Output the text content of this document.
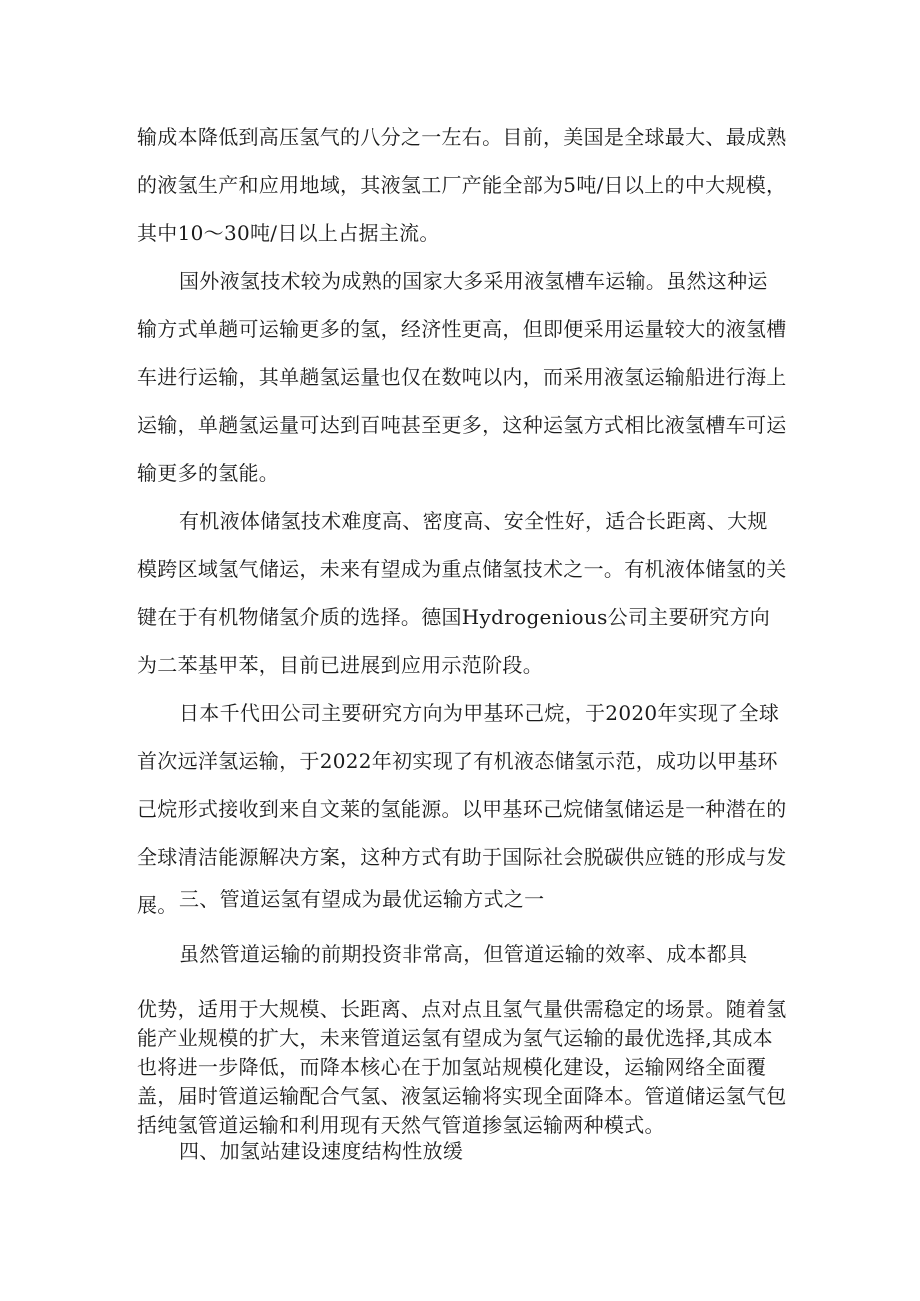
输成本降低到高压氢气的八分之一左右。目前，美国是全球最大、最成熟的液氢生产和应用地域，其液氢工厂产能全部为5吨/日以上的中大规模，其中10～30吨/日以上占据主流。

国外液氢技术较为成熟的国家大多采用液氢槽车运输。虽然这种运输方式单趟可运输更多的氢，经济性更高，但即便采用运量较大的液氢槽车进行运输，其单趟氢运量也仅在数吨以内，而采用液氢运输船进行海上运输，单趟氢运量可达到百吨甚至更多，这种运氢方式相比液氢槽车可运输更多的氢能。

有机液体储氢技术难度高、密度高、安全性好，适合长距离、大规模跨区域氢气储运，未来有望成为重点储氢技术之一。有机液体储氢的关键在于有机物储氢介质的选择。德国Hydrogenious公司主要研究方向为二苯基甲苯，目前已进展到应用示范阶段。

日本千代田公司主要研究方向为甲基环己烷，于2020年实现了全球首次远洋氢运输，于2022年初实现了有机液态储氢示范，成功以甲基环己烷形式接收到来自文莱的氢能源。以甲基环己烷储氢储运是一种潜在的全球清洁能源解决方案，这种方式有助于国际社会脱碳供应链的形成与发展。 三、管道运氢有望成为最优运输方式之一

虽然管道运输的前期投资非常高，但管道运输的效率、成本都具

优势，适用于大规模、长距离、点对点且氢气量供需稳定的场景。随着氢能产业规模的扩大，未来管道运氢有望成为氢气运输的最优选择,其成本也将进一步降低，而降本核心在于加氢站规模化建设，运输网络全面覆盖，届时管道运输配合气氢、液氢运输将实现全面降本。管道储运氢气包括纯氢管道运输和利用现有天然气管道掺氢运输两种模式。

四、加氢站建设速度结构性放缓
